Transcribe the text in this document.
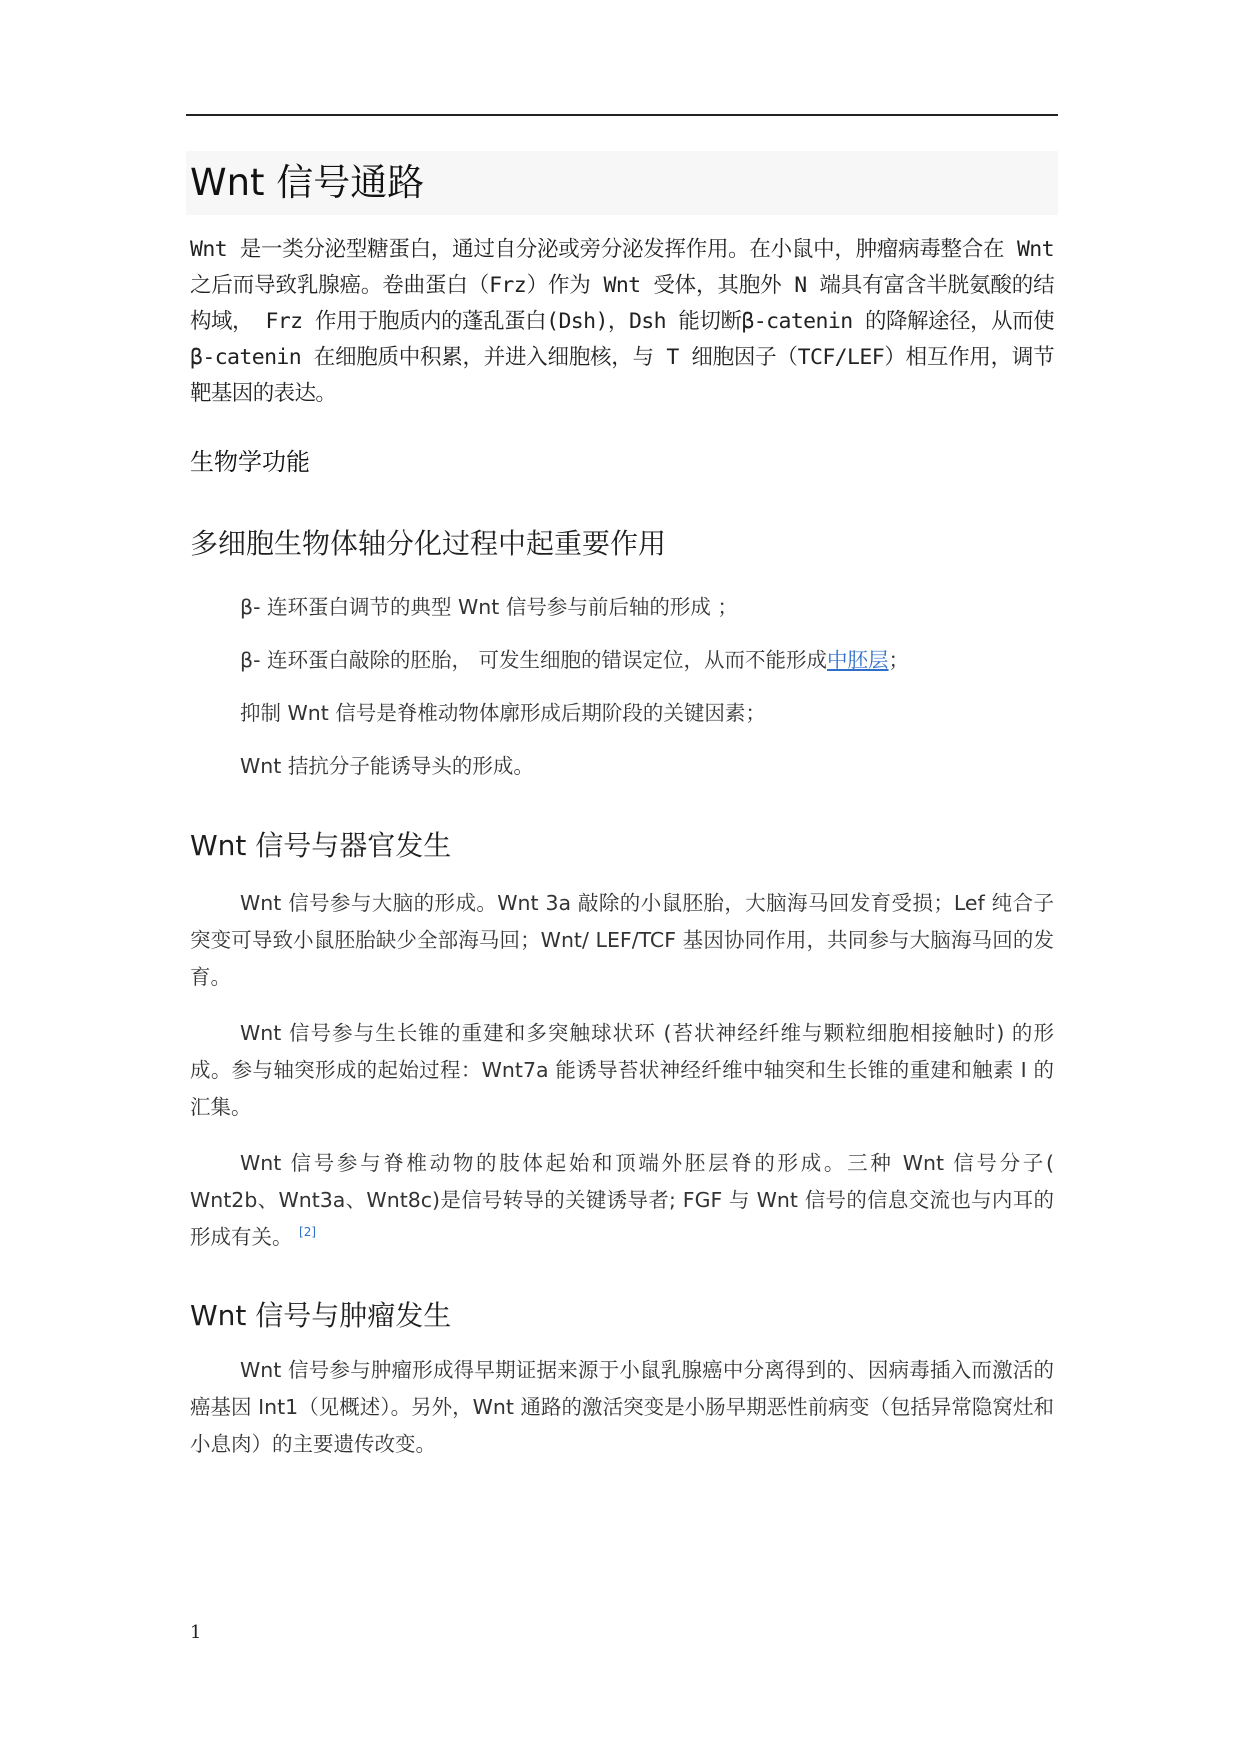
Wnt 信号通路
Wnt 是一类分泌型糖蛋白，通过自分泌或旁分泌发挥作用。在小鼠中，肿瘤病毒整合在 Wnt 之后而导致乳腺癌。卷曲蛋白（Frz）作为 Wnt 受体，其胞外 N 端具有富含半胱氨酸的结构域， Frz 作用于胞质内的蓬乱蛋白(Dsh)，Dsh 能切断β-catenin 的降解途径，从而使β-catenin 在细胞质中积累，并进入细胞核，与 T 细胞因子（TCF/LEF）相互作用，调节靶基因的表达。
生物学功能
多细胞生物体轴分化过程中起重要作用
β- 连环蛋白调节的典型 Wnt 信号参与前后轴的形成 ；
β- 连环蛋白敲除的胚胎， 可发生细胞的错误定位，从而不能形成中胚层；
抑制 Wnt 信号是脊椎动物体廓形成后期阶段的关键因素；
Wnt 拮抗分子能诱导头的形成。
Wnt 信号与器官发生
Wnt 信号参与大脑的形成。Wnt 3a 敲除的小鼠胚胎，大脑海马回发育受损；Lef 纯合子突变可导致小鼠胚胎缺少全部海马回；Wnt/ LEF/TCF 基因协同作用，共同参与大脑海马回的发育。
Wnt 信号参与生长锥的重建和多突触球状环 (苔状神经纤维与颗粒细胞相接触时) 的形成。参与轴突形成的起始过程：Wnt7a 能诱导苔状神经纤维中轴突和生长锥的重建和触素 I 的汇集。
Wnt 信号参与脊椎动物的肢体起始和顶端外胚层脊的形成。三种 Wnt 信号分子( Wnt2b、Wnt3a、Wnt8c)是信号转导的关键诱导者; FGF 与 Wnt 信号的信息交流也与内耳的形成有关。 [2]
Wnt 信号与肿瘤发生
Wnt 信号参与肿瘤形成得早期证据来源于小鼠乳腺癌中分离得到的、因病毒插入而激活的癌基因 Int1（见概述）。另外，Wnt 通路的激活突变是小肠早期恶性前病变（包括异常隐窝灶和小息肉）的主要遗传改变。
1
